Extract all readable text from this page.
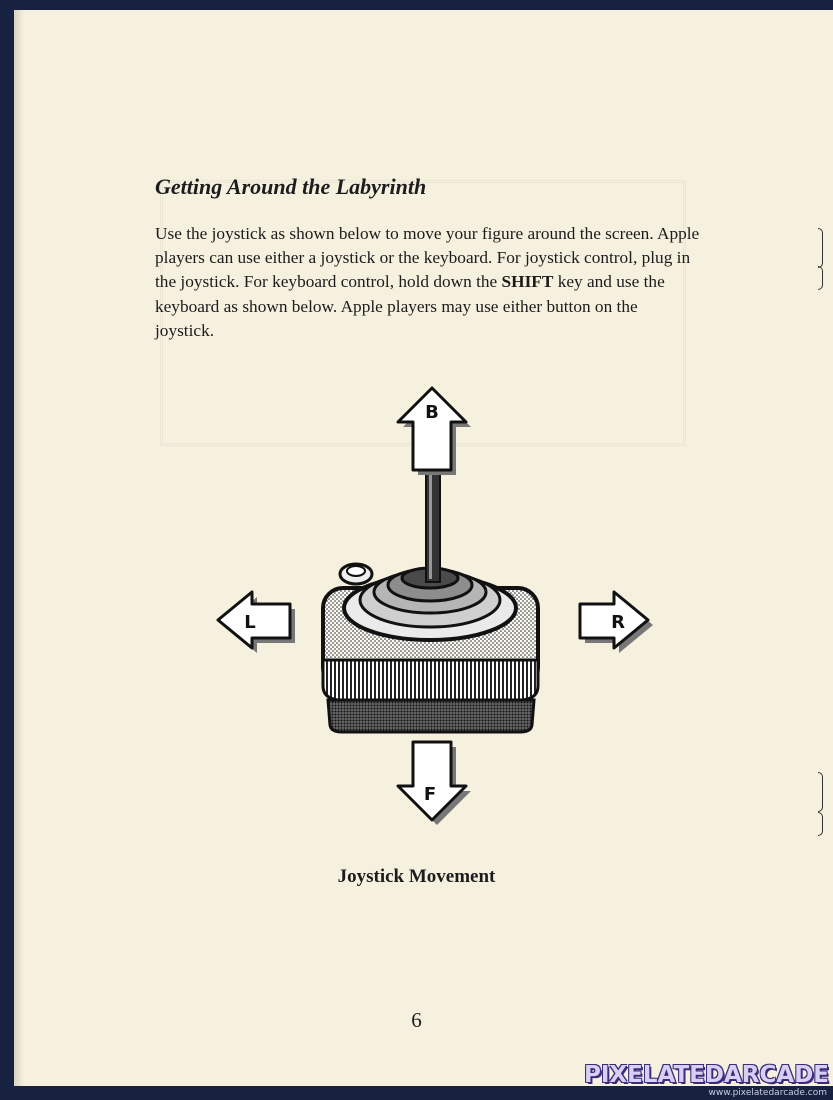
Getting Around the Labyrinth
Use the joystick as shown below to move your figure around the screen. Apple players can use either a joystick or the keyboard. For joystick control, plug in the joystick. For keyboard control, hold down the SHIFT key and use the keyboard as shown below. Apple players may use either button on the joystick.
B
L	R
F
Joystick Movement
6
PIXELATEDARCADE
www.pixelatedarcade.com
